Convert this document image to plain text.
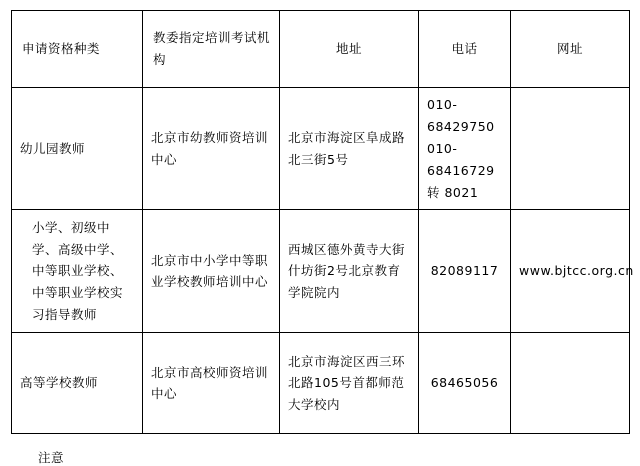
申请资格种类	教委指定培训考试机构	地址	电话	网址
幼儿园教师	北京市幼教师资培训中心	北京市海淀区阜成路北三街5号	010-68429750
010-68416729转 8021	

小学、初级中学、高级中学、中等职业学校、中等职业学校实习指导教师	北京市中小学中等职业学校教师培训中心	西城区德外黄寺大街什坊街2号北京教育学院院内	82089117	www.bjtcc.org.cn
高等学校教师	北京市高校师资培训中心	北京市海淀区西三环北路105号首都师范大学校内	68465056	

注意
